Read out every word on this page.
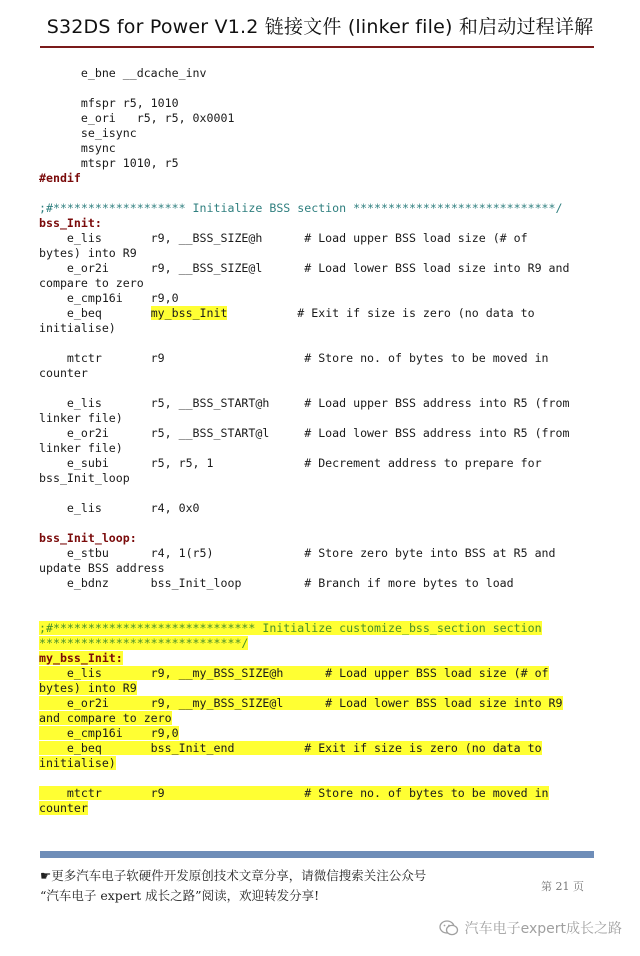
S32DS for Power V1.2 链接文件 (linker file) 和启动过程详解
e_bne __dcache_inv

mfspr r5, 1010
e_ori   r5, r5, 0x0001
se_isync
msync
mtspr 1010, r5
#endif

;#******************* Initialize BSS section *****************************/
bss_Init:
e_lis       r9, __BSS_SIZE@h      # Load upper BSS load size (# of
bytes) into R9
e_or2i      r9, __BSS_SIZE@l      # Load lower BSS load size into R9 and
compare to zero
e_cmp16i    r9,0
e_beq       my_bss_Init          # Exit if size is zero (no data to
initialise)

mtctr       r9                    # Store no. of bytes to be moved in
counter

e_lis       r5, __BSS_START@h     # Load upper BSS address into R5 (from
linker file)
e_or2i      r5, __BSS_START@l     # Load lower BSS address into R5 (from
linker file)
e_subi      r5, r5, 1             # Decrement address to prepare for
bss_Init_loop

e_lis       r4, 0x0

bss_Init_loop:
e_stbu      r4, 1(r5)             # Store zero byte into BSS at R5 and
update BSS address
e_bdnz      bss_Init_loop         # Branch if more bytes to load

;#***************************** Initialize customize_bss_section section
*****************************/
my_bss_Init:
e_lis       r9, __my_BSS_SIZE@h      # Load upper BSS load size (# of
bytes) into R9
e_or2i      r9, __my_BSS_SIZE@l      # Load lower BSS load size into R9
and compare to zero
e_cmp16i    r9,0
e_beq       bss_Init_end          # Exit if size is zero (no data to
initialise)

mtctr       r9                    # Store no. of bytes to be moved in
counter
☛更多汽车电子软硬件开发原创技术文章分享，请微信搜索关注公众号
“汽车电子 expert 成长之路”阅读，欢迎转发分享!
第 21 页
汽车电子expert成长之路
